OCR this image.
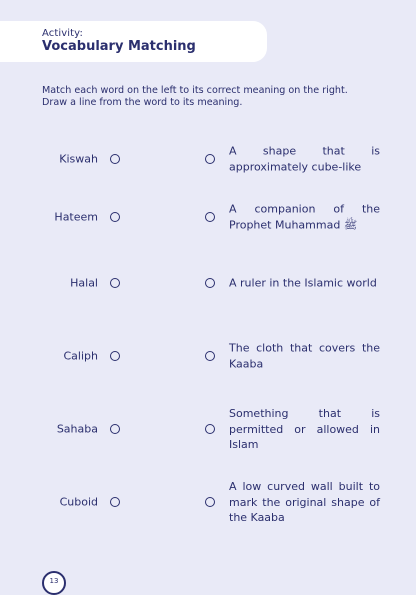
Activity:
Vocabulary Matching
Match each word on the left to its correct meaning on the right.
Draw a line from the word to its meaning.
Kiswah
A shape that is approximately cube-like
Hateem
A companion of the Prophet Muhammad ﷺ
Halal	A ruler in the Islamic world
Caliph
The cloth that covers the Kaaba
Sahaba
Something that is permitted or allowed in Islam
Cuboid
A low curved wall built to mark the original shape of the Kaaba
13
